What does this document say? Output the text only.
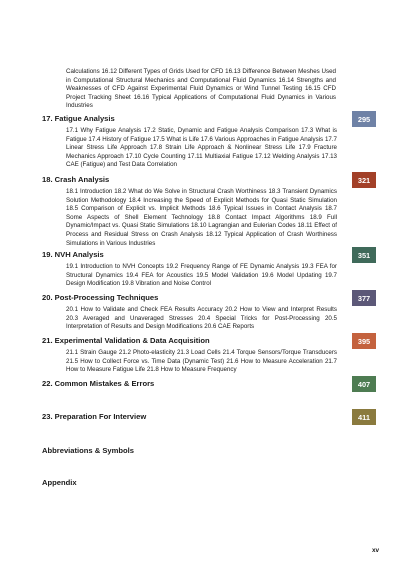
Calculations 16.12 Different Types of Grids Used for CFD 16.13 Difference Between Meshes Used in Computational Structural Mechanics and Computational Fluid Dynamics 16.14 Strengths and Weaknesses of CFD Against Experimental Fluid Dynamics or Wind Tunnel Testing 16.15 CFD Project Tracking Sheet 16.16 Typical Applications of Computational Fluid Dynamics in Various Industries
17. Fatigue Analysis	295
17.1 Why Fatigue Analysis 17.2 Static, Dynamic and Fatigue Analysis Comparison 17.3 What is Fatigue 17.4 History of Fatigue 17.5 What is Life 17.6 Various Approaches in Fatigue Analysis 17.7 Linear Stress Life Approach 17.8 Strain Life Approach & Nonlinear Stress Life 17.9 Fracture Mechanics Approach 17.10 Cycle Counting 17.11 Multiaxial Fatigue 17.12 Welding Analysis 17.13 CAE (Fatigue) and Test Data Correlation
18. Crash Analysis	321
18.1 Introduction 18.2 What do We Solve in Structural Crash Worthiness 18.3 Transient Dynamics Solution Methodology 18.4 Increasing the Speed of Explicit Methods for Quasi Static Simulation 18.5 Comparison of Explicit vs. Implicit Methods 18.6 Typical Issues in Contact Analysis 18.7 Some Aspects of Shell Element Technology 18.8 Contact Impact Algorithms 18.9 Full Dynamic/Impact vs. Quasi Static Simulations 18.10 Lagrangian and Eulerian Codes 18.11 Effect of Process and Residual Stress on Crash Analysis 18.12 Typical Application of Crash Worthiness Simulations in Various Industries
19. NVH Analysis	351
19.1 Introduction to NVH Concepts 19.2 Frequency Range of FE Dynamic Analysis 19.3 FEA for Structural Dynamics 19.4 FEA for Acoustics 19.5 Model Validation 19.6 Model Updating 19.7 Design Modification 19.8 Vibration and Noise Control
20. Post-Processing Techniques	377
20.1 How to Validate and Check FEA Results Accuracy 20.2 How to View and Interpret Results 20.3 Averaged and Unaveraged Stresses 20.4 Special Tricks for Post-Processing 20.5 Interpretation of Results and Design Modifications 20.6 CAE Reports
21. Experimental Validation & Data Acquisition	395
21.1 Strain Gauge 21.2 Photo-elasticity 21.3 Load Cells 21.4 Torque Sensors/Torque Transducers 21.5 How to Collect Force vs. Time Data (Dynamic Test) 21.6 How to Measure Acceleration 21.7 How to Measure Fatigue Life 21.8 How to Measure Frequency
22. Common Mistakes & Errors	407
23. Preparation For Interview	411
Abbreviations & Symbols
Appendix
xv
